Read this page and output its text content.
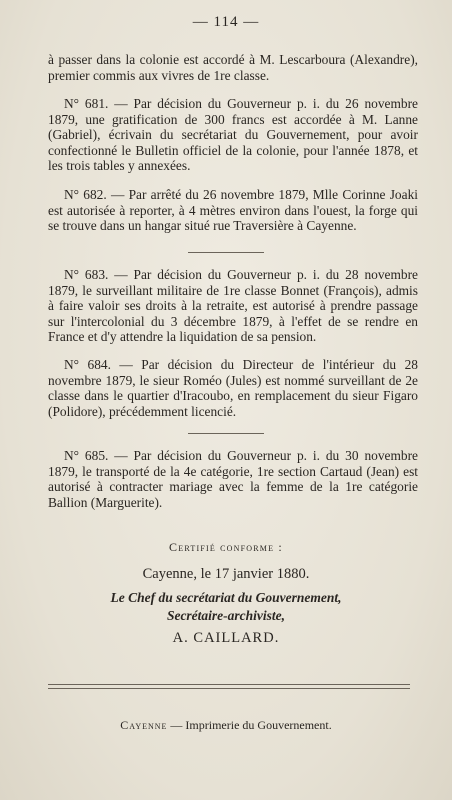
— 114 —
à passer dans la colonie est accordé à M. Lescarboura (Alexandre), premier commis aux vivres de 1re classe.
N° 681. — Par décision du Gouverneur p. i. du 26 novembre 1879, une gratification de 300 francs est accordée à M. Lanne (Gabriel), écrivain du secrétariat du Gouvernement, pour avoir confectionné le Bulletin officiel de la colonie, pour l'année 1878, et les trois tables y annexées.
N° 682. — Par arrêté du 26 novembre 1879, Mlle Corinne Joaki est autorisée à reporter, à 4 mètres environ dans l'ouest, la forge qui se trouve dans un hangar situé rue Traversière à Cayenne.
N° 683. — Par décision du Gouverneur p. i. du 28 novembre 1879, le surveillant militaire de 1re classe Bonnet (François), admis à faire valoir ses droits à la retraite, est autorisé à prendre passage sur l'intercolonial du 3 décembre 1879, à l'effet de se rendre en France et d'y attendre la liquidation de sa pension.
N° 684. — Par décision du Directeur de l'intérieur du 28 novembre 1879, le sieur Roméo (Jules) est nommé surveillant de 2e classe dans le quartier d'Iracoubo, en remplacement du sieur Figaro (Polidore), précédemment licencié.
N° 685. — Par décision du Gouverneur p. i. du 30 novembre 1879, le transporté de la 4e catégorie, 1re section Cartaud (Jean) est autorisé à contracter mariage avec la femme de la 1re catégorie Ballion (Marguerite).
Certifié conforme :
Cayenne, le 17 janvier 1880.
Le Chef du secrétariat du Gouvernement,
Secrétaire-archiviste,
A. CAILLARD.
Cayenne — Imprimerie du Gouvernement.
